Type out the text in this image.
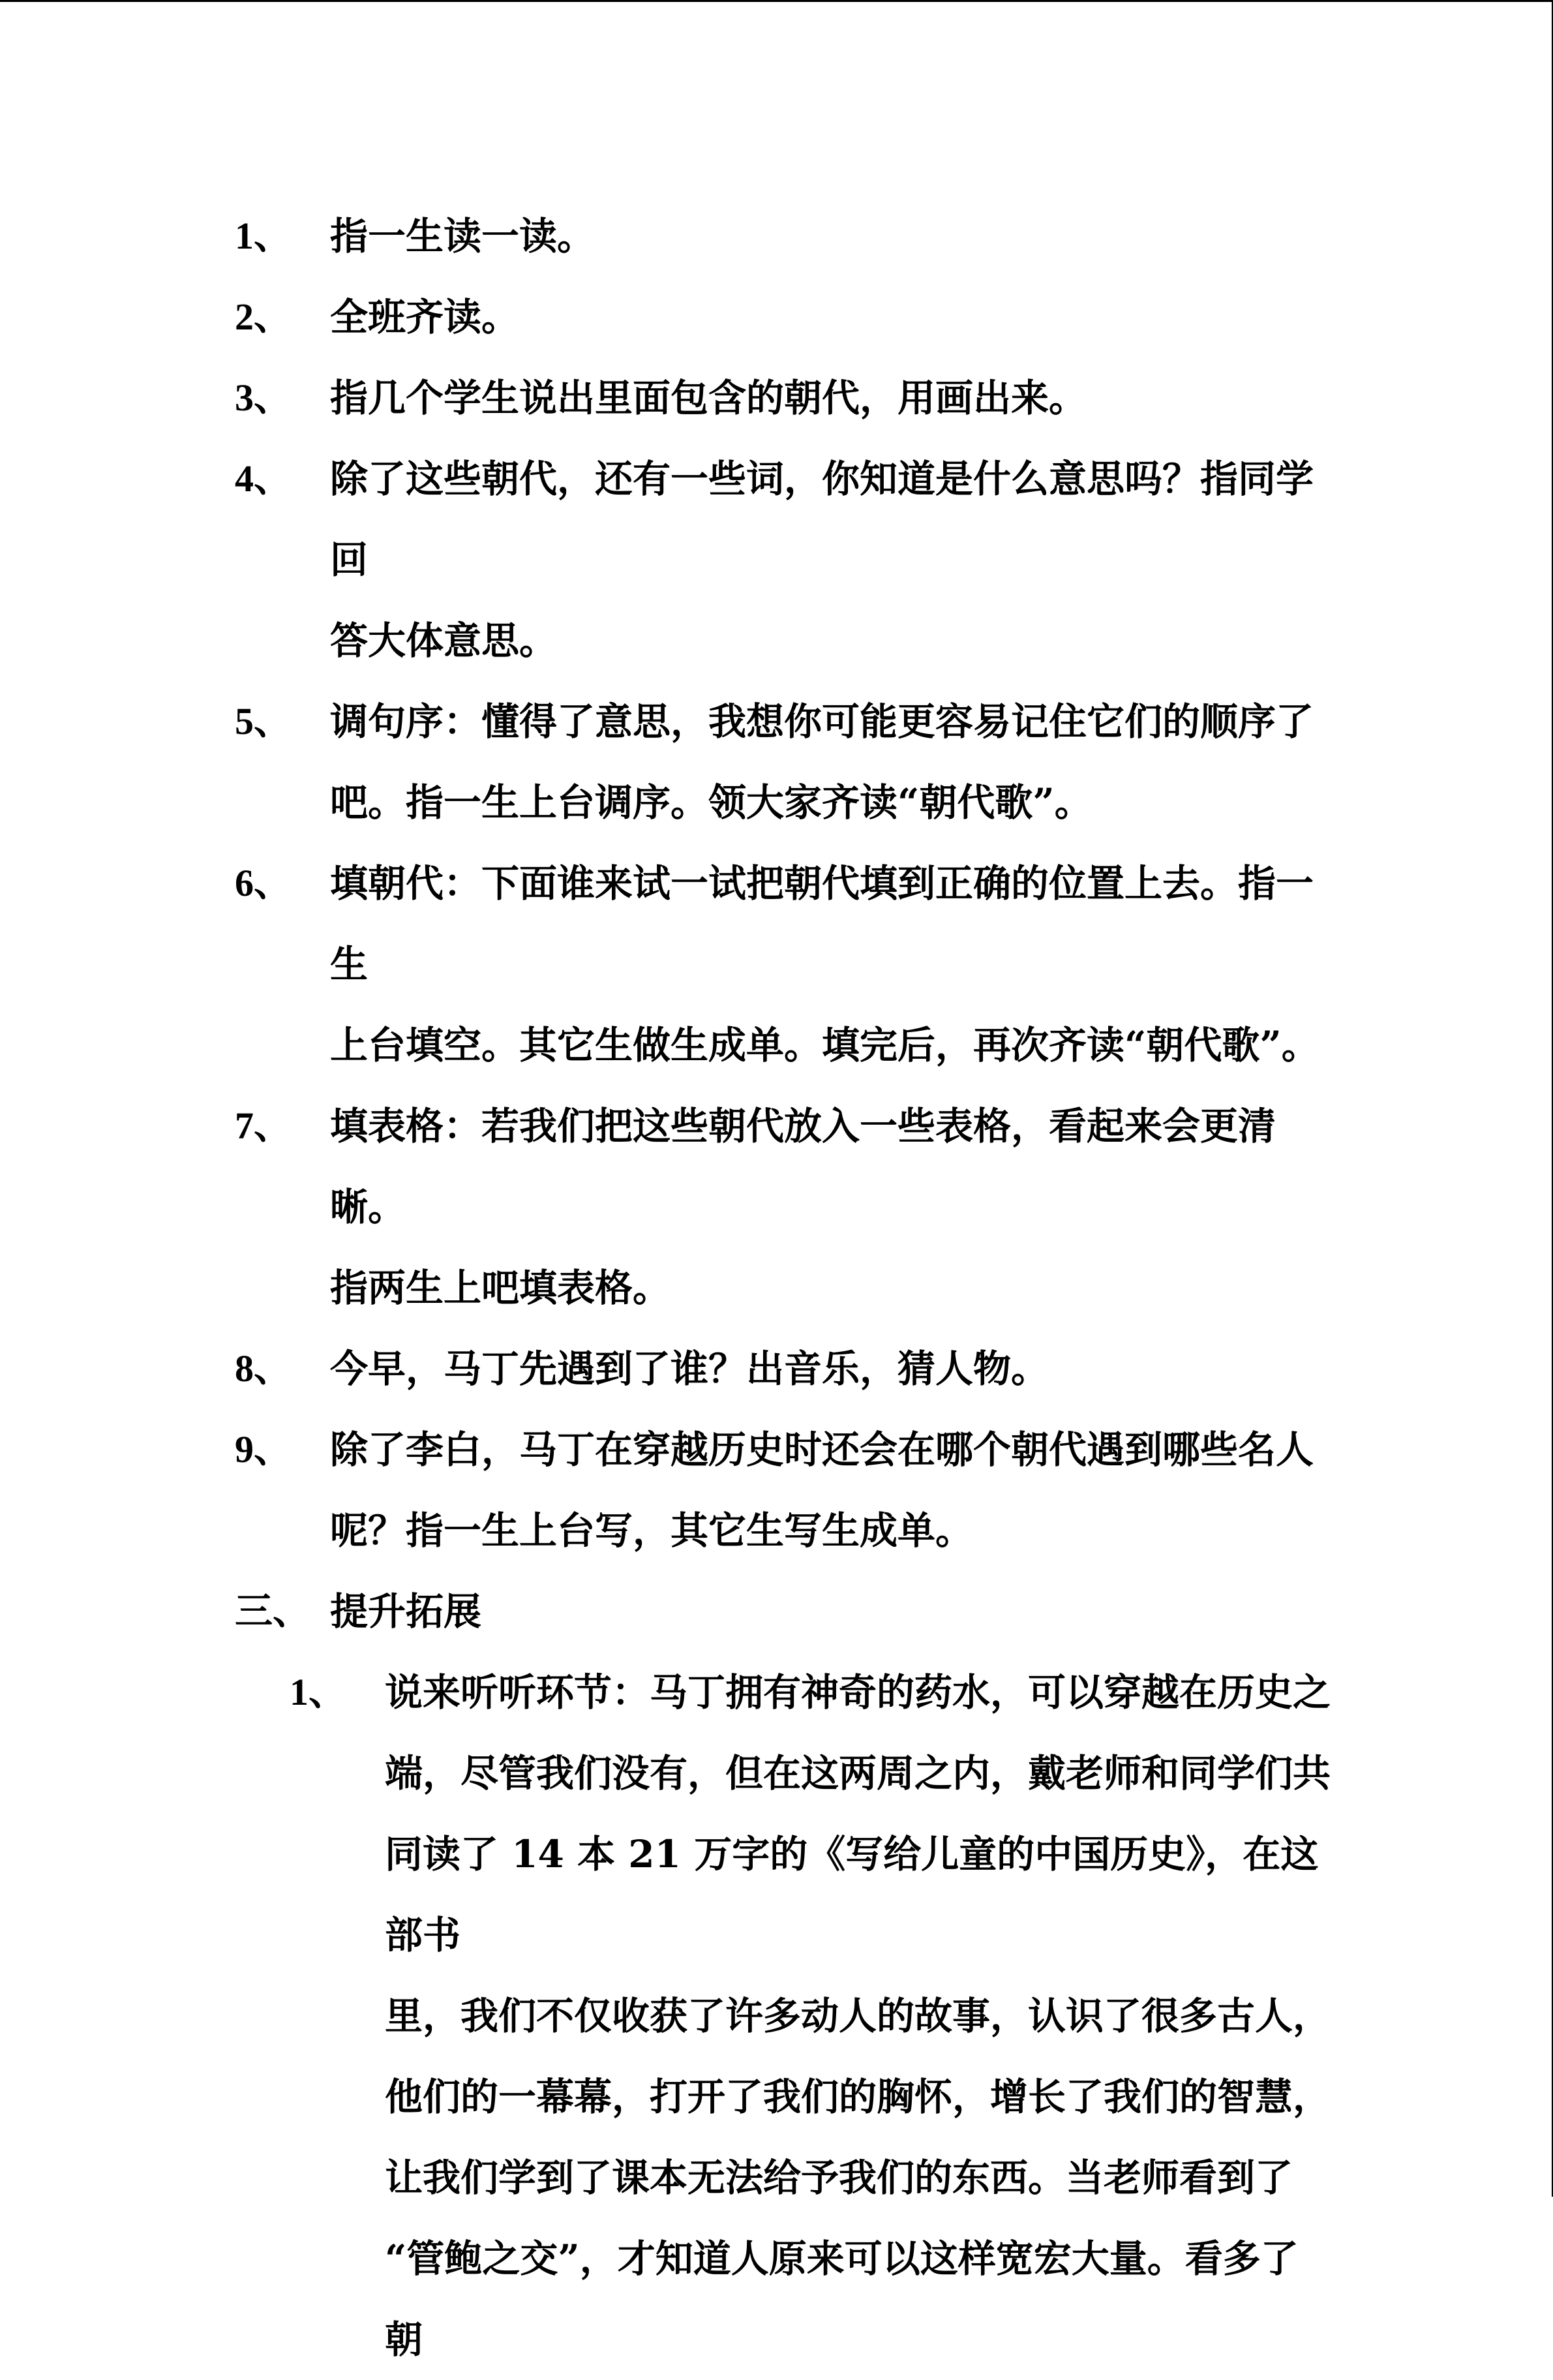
1、 指一生读一读。
2、 全班齐读。
3、 指几个学生说出里面包含的朝代，用画出来。
4、 除了这些朝代，还有一些词，你知道是什么意思吗？指同学回
答大体意思。
5、 调句序：懂得了意思，我想你可能更容易记住它们的顺序了
吧。指一生上台调序。领大家齐读“朝代歌”。
6、 填朝代：下面谁来试一试把朝代填到正确的位置上去。指一生
上台填空。其它生做生成单。填完后，再次齐读“朝代歌”。
7、 填表格：若我们把这些朝代放入一些表格，看起来会更清晰。
指两生上吧填表格。
8、 今早，马丁先遇到了谁？出音乐，猜人物。
9、 除了李白，马丁在穿越历史时还会在哪个朝代遇到哪些名人
呢？指一生上台写，其它生写生成单。
三、 提升拓展
1、 说来听听环节：马丁拥有神奇的药水，可以穿越在历史之
端，尽管我们没有，但在这两周之内，戴老师和同学们共
同读了 14 本 21 万字的《写给儿童的中国历史》，在这部书
里，我们不仅收获了许多动人的故事，认识了很多古人，
他们的一幕幕，打开了我们的胸怀，增长了我们的智慧，
让我们学到了课本无法给予我们的东西。当老师看到了
“管鲍之交”，才知道人原来可以这样宽宏大量。看多了朝
